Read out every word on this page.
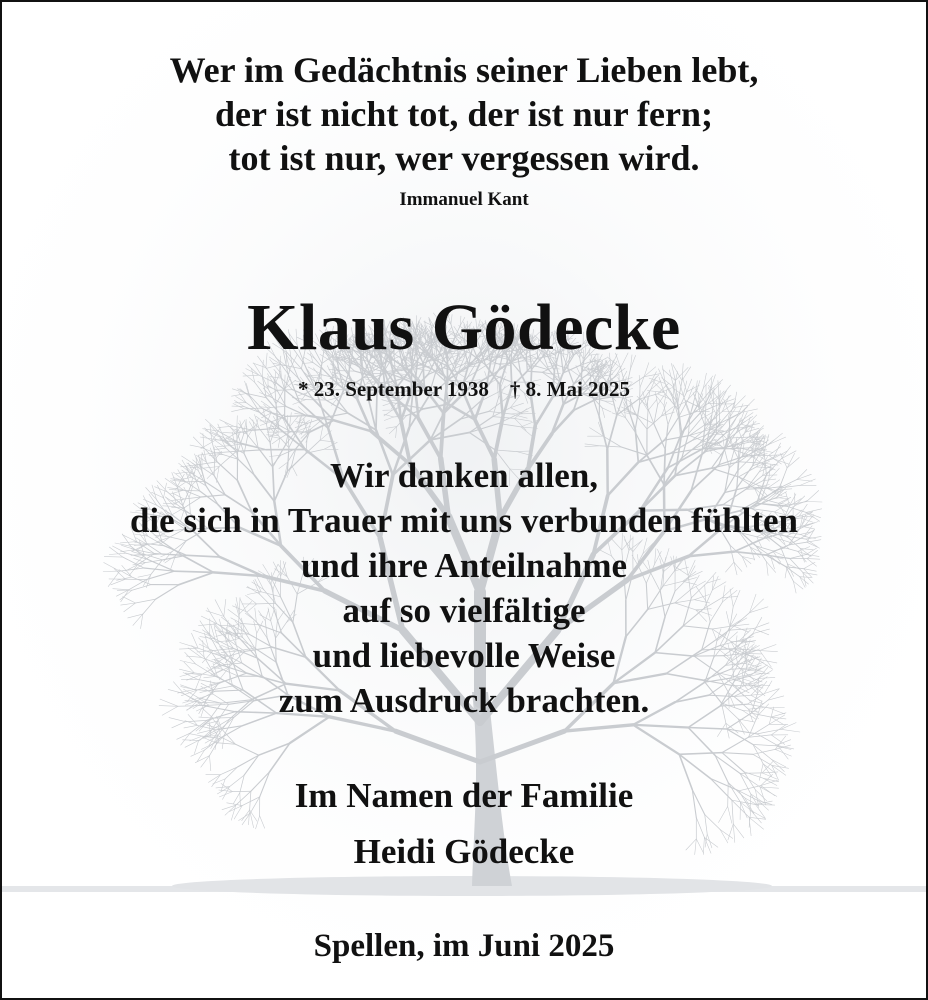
Wer im Gedächtnis seiner Lieben lebt,
der ist nicht tot, der ist nur fern;
tot ist nur, wer vergessen wird.
Immanuel Kant
Klaus Gödecke
* 23. September 1938 † 8. Mai 2025
Wir danken allen,
die sich in Trauer mit uns verbunden fühlten
und ihre Anteilnahme
auf so vielfältige
und liebevolle Weise
zum Ausdruck brachten.
Im Namen der Familie
Heidi Gödecke
Spellen, im Juni 2025
